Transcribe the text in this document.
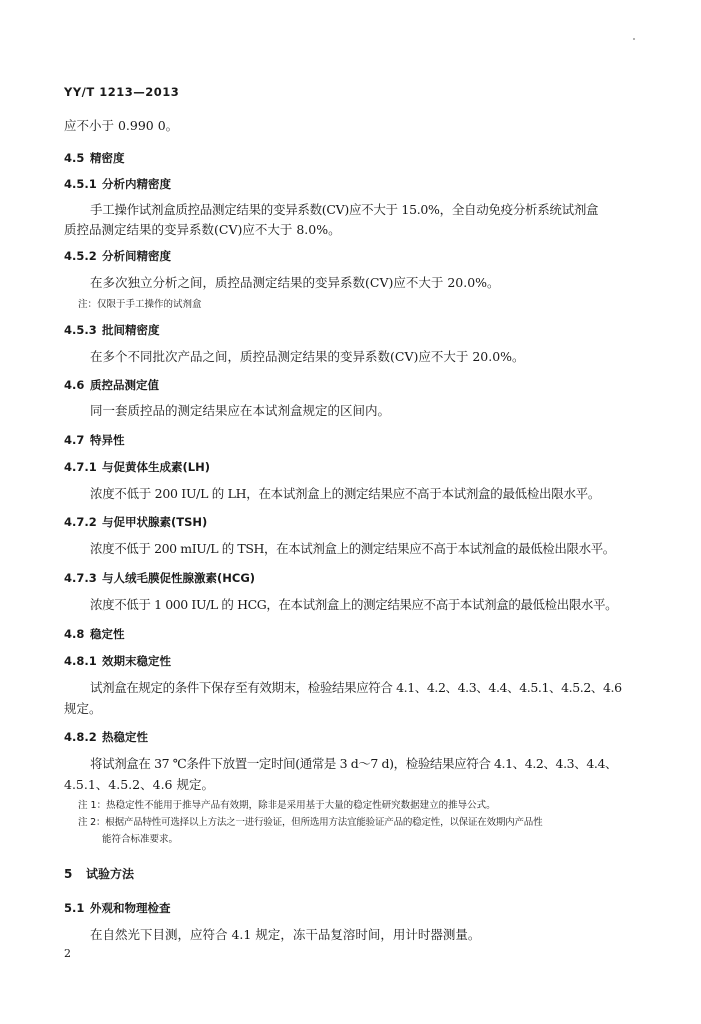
YY/T 1213—2013
应不小于 0.990 0。
4.5 精密度
4.5.1 分析内精密度
手工操作试剂盒质控品测定结果的变异系数(CV)应不大于 15.0%，全自动免疫分析系统试剂盒
质控品测定结果的变异系数(CV)应不大于 8.0%。
4.5.2 分析间精密度
在多次独立分析之间，质控品测定结果的变异系数(CV)应不大于 20.0%。
注：仅限于手工操作的试剂盒
4.5.3 批间精密度
在多个不同批次产品之间，质控品测定结果的变异系数(CV)应不大于 20.0%。
4.6 质控品测定值
同一套质控品的测定结果应在本试剂盒规定的区间内。
4.7 特异性
4.7.1 与促黄体生成素(LH)
浓度不低于 200 IU/L 的 LH，在本试剂盒上的测定结果应不高于本试剂盒的最低检出限水平。
4.7.2 与促甲状腺素(TSH)
浓度不低于 200 mIU/L 的 TSH，在本试剂盒上的测定结果应不高于本试剂盒的最低检出限水平。
4.7.3 与人绒毛膜促性腺激素(HCG)
浓度不低于 1 000 IU/L 的 HCG，在本试剂盒上的测定结果应不高于本试剂盒的最低检出限水平。
4.8 稳定性
4.8.1 效期末稳定性
试剂盒在规定的条件下保存至有效期末，检验结果应符合 4.1、4.2、4.3、4.4、4.5.1、4.5.2、4.6
规定。
4.8.2 热稳定性
将试剂盒在 37 ℃条件下放置一定时间(通常是 3 d～7 d)，检验结果应符合 4.1、4.2、4.3、4.4、
4.5.1、4.5.2、4.6 规定。
注 1：热稳定性不能用于推导产品有效期，除非是采用基于大量的稳定性研究数据建立的推导公式。
注 2：根据产品特性可选择以上方法之一进行验证，但所选用方法宜能验证产品的稳定性，以保证在效期内产品性
能符合标准要求。
5 试验方法
5.1 外观和物理检查
在自然光下目测，应符合 4.1 规定，冻干品复溶时间，用计时器测量。
2
